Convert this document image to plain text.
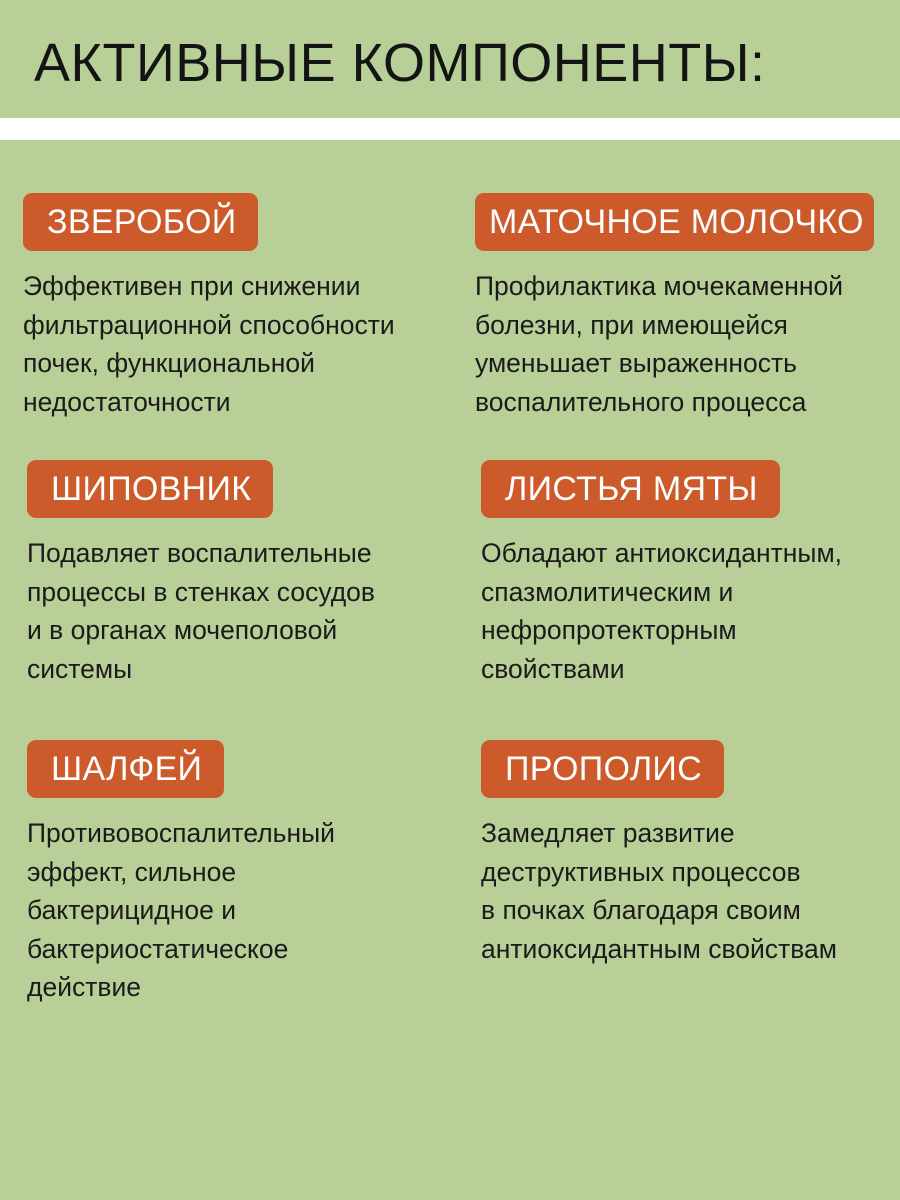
АКТИВНЫЕ КОМПОНЕНТЫ:
ЗВЕРОБОЙ
Эффективен при снижении
фильтрационной способности
почек, функциональной
недостаточности
МАТОЧНОЕ МОЛОЧКО
Профилактика мочекаменной
болезни, при имеющейся
уменьшает выраженность
воспалительного процесса
ШИПОВНИК
Подавляет воспалительные
процессы в стенках сосудов
и в органах мочеполовой
системы
ЛИСТЬЯ МЯТЫ
Обладают антиоксидантным,
спазмолитическим и
нефропротекторным
свойствами
ШАЛФЕЙ
Противовоспалительный
эффект, сильное
бактерицидное и
бактериостатическое
действие
ПРОПОЛИС
Замедляет развитие
деструктивных процессов
в почках благодаря своим
антиоксидантным свойствам
